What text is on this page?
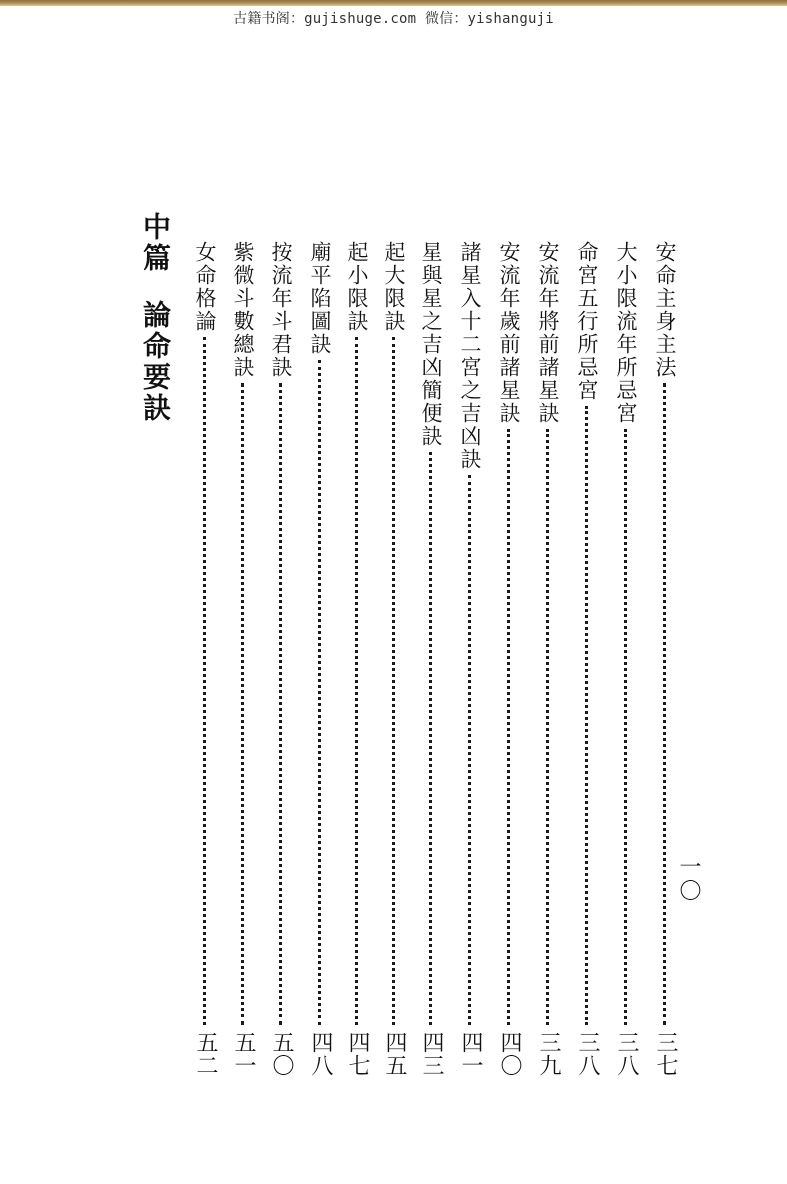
古籍书阁：gujishuge.com 微信：yishanguji
一〇
中篇論命要訣	安命主身主法
三七
大小限流年所忌宮
三八
命宮五行所忌宮
三八
安流年將前諸星訣
三九
安流年歲前諸星訣
四〇
諸星入十二宮之吉凶訣
四一
星與星之吉凶簡便訣
四三
起大限訣
四五
起小限訣
四七
廟平陷圖訣
四八
按流年斗君訣
五〇
紫微斗數總訣
五一
女命格論
五二
